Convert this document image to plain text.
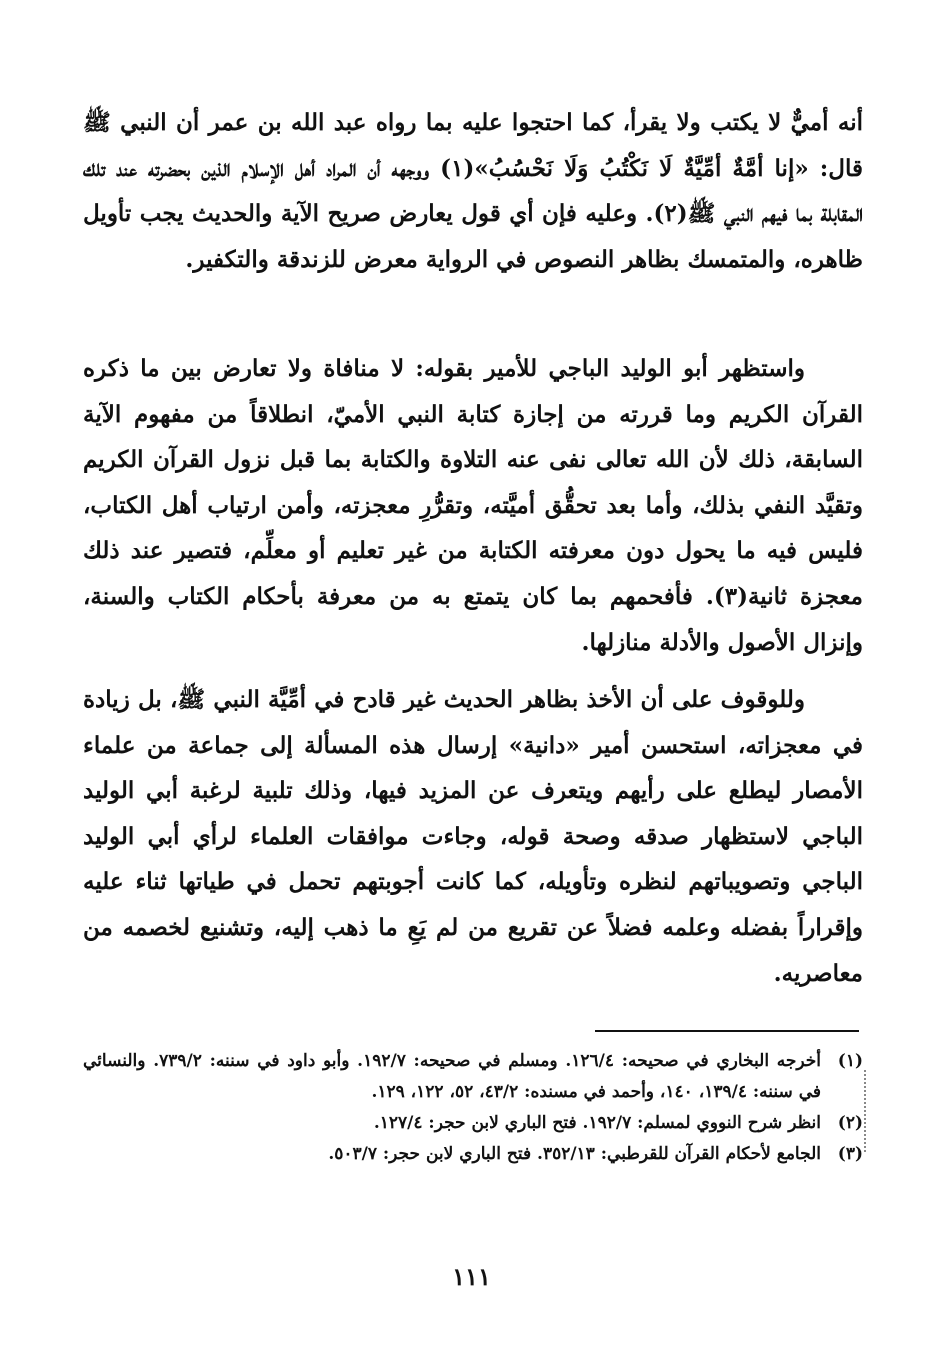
أنه أميٌّ لا يكتب ولا يقرأ، كما احتجوا عليه بما رواه عبد الله بن عمر أن النبي ﷺ قال: «إنا أمَّةٌ أمِّيَّةٌ لَا نَكْتُبُ وَلَا نَحْسُبُ»(١) ووجهه أن المراد أهل الإسلام الذين بحضرته عند تلك المقابلة بما فيهم النبي ﷺ(٢). وعليه فإن أي قول يعارض صريح الآية والحديث يجب تأويل ظاهره، والمتمسك بظاهر النصوص في الرواية معرض للزندقة والتكفير.
واستظهر أبو الوليد الباجي للأمير بقوله: لا منافاة ولا تعارض بين ما ذكره القرآن الكريم وما قررته من إجازة كتابة النبي الأميّ، انطلاقاً من مفهوم الآية السابقة، ذلك لأن الله تعالى نفى عنه التلاوة والكتابة بما قبل نزول القرآن الكريم وتقيَّد النفي بذلك، وأما بعد تحقُّق أميَّته، وتقرُّرِ معجزته، وأمن ارتياب أهل الكتاب، فليس فيه ما يحول دون معرفته الكتابة من غير تعليم أو معلِّم، فتصير عند ذلك معجزة ثانية(٣). فأفحمهم بما كان يتمتع به من معرفة بأحكام الكتاب والسنة، وإنزال الأصول والأدلة منازلها.
وللوقوف على أن الأخذ بظاهر الحديث غير قادح في أمِّيَّة النبي ﷺ، بل زيادة في معجزاته، استحسن أمير «دانية» إرسال هذه المسألة إلى جماعة من علماء الأمصار ليطلع على رأيهم ويتعرف عن المزيد فيها، وذلك تلبية لرغبة أبي الوليد الباجي لاستظهار صدقه وصحة قوله، وجاءت موافقات العلماء لرأي أبي الوليد الباجي وتصويباتهم لنظره وتأويله، كما كانت أجوبتهم تحمل في طياتها ثناء عليه وإقراراً بفضله وعلمه فضلاً عن تقريع من لم يَعِ ما ذهب إليه، وتشنيع لخصمه من معاصريه.
(١)
أخرجه البخاري في صحيحه: ١٢٦/٤. ومسلم في صحيحه: ١٩٢/٧. وأبو داود في سننه: ٧٣٩/٢. والنسائي في سننه: ١٣٩/٤، ١٤٠، وأحمد في مسنده: ٤٣/٢، ٥٢، ١٢٢، ١٢٩.
(٢)
انظر شرح النووي لمسلم: ١٩٢/٧. فتح الباري لابن حجر: ١٢٧/٤.
(٣)
الجامع لأحكام القرآن للقرطبي: ٣٥٢/١٣. فتح الباري لابن حجر: ٥٠٣/٧.
١١١
